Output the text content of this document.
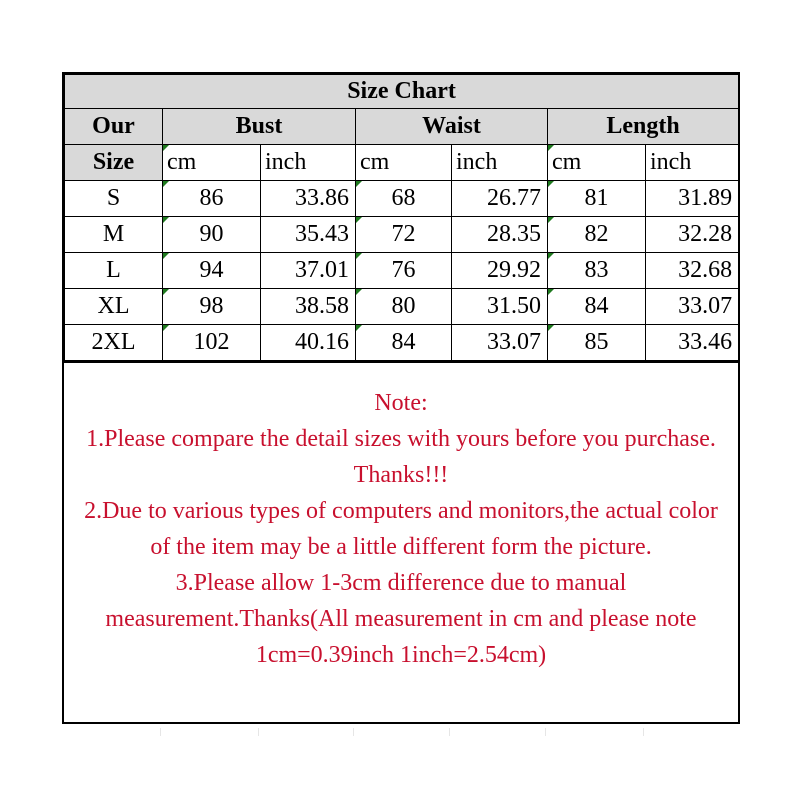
Size Chart						
Our	Bust		Waist		Length	
Size	cm	inch	cm	inch	cm	inch
S	86	33.86	68	26.77	81	31.89
M	90	35.43	72	28.35	82	32.28
L	94	37.01	76	29.92	83	32.68
XL	98	38.58	80	31.50	84	33.07
2XL	102	40.16	84	33.07	85	33.46

Note:

1.Please compare the detail sizes with yours before you purchase. Thanks!!!

2.Due to various types of computers and monitors,the actual color of the item may be a little different form the picture.

3.Please allow 1-3cm difference due to manual measurement.Thanks(All measurement in cm and please note 1cm=0.39inch 1inch=2.54cm)
